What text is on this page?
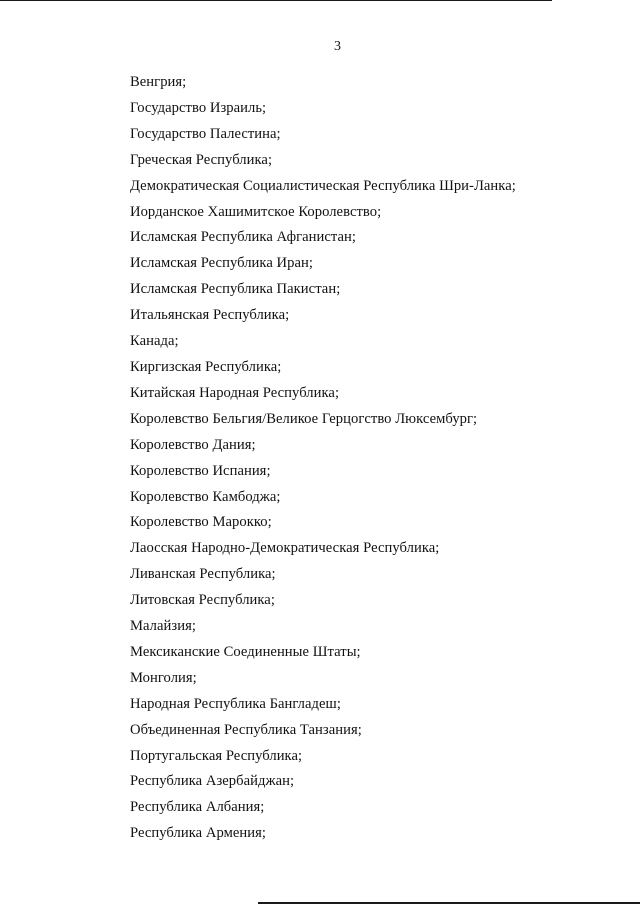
3
Венгрия;
Государство Израиль;
Государство Палестина;
Греческая Республика;
Демократическая Социалистическая Республика Шри-Ланка;
Иорданское Хашимитское Королевство;
Исламская Республика Афганистан;
Исламская Республика Иран;
Исламская Республика Пакистан;
Итальянская Республика;
Канада;
Киргизская Республика;
Китайская Народная Республика;
Королевство Бельгия/Великое Герцогство Люксембург;
Королевство Дания;
Королевство Испания;
Королевство Камбоджа;
Королевство Марокко;
Лаосская Народно-Демократическая Республика;
Ливанская Республика;
Литовская Республика;
Малайзия;
Мексиканские Соединенные Штаты;
Монголия;
Народная Республика Бангладеш;
Объединенная Республика Танзания;
Португальская Республика;
Республика Азербайджан;
Республика Албания;
Республика Армения;
